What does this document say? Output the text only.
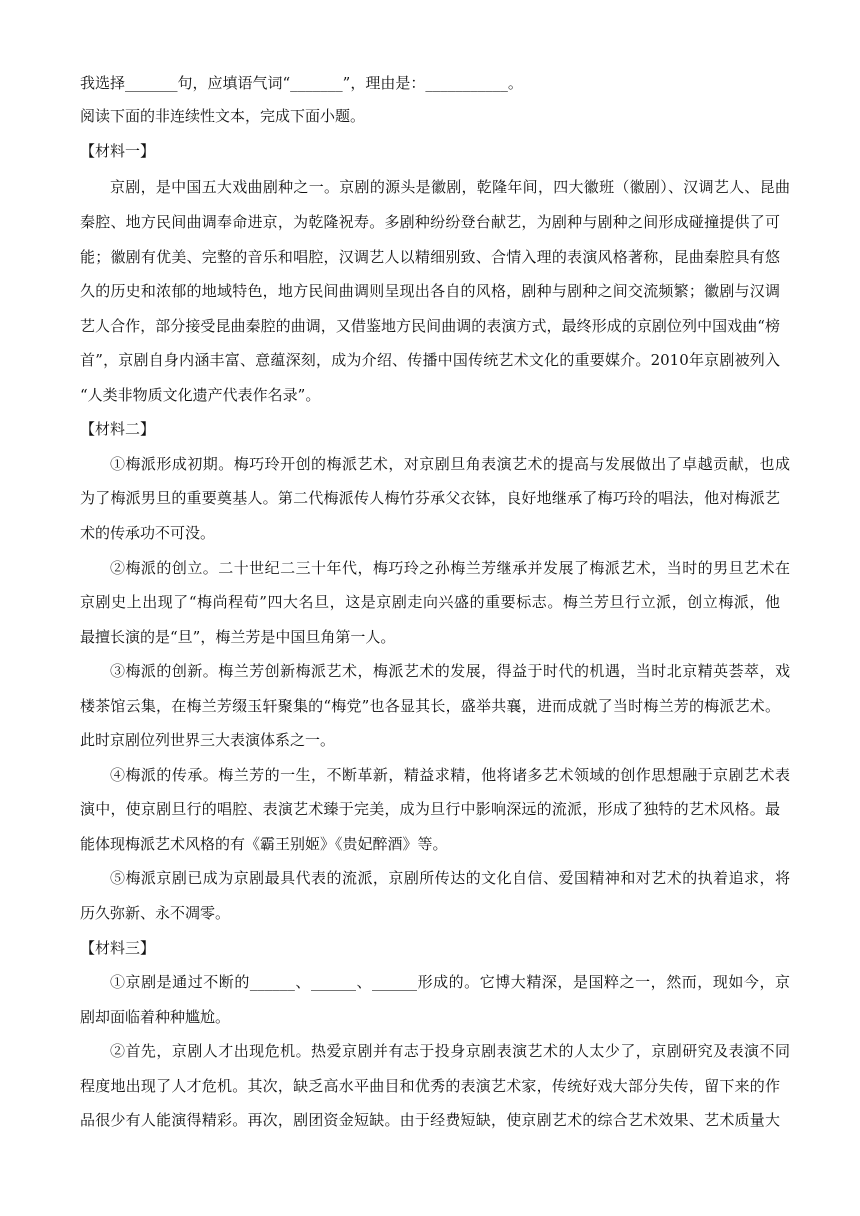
我选择_______句，应填语气词“_______”，理由是：___________。
阅读下面的非连续性文本，完成下面小题。
【材料一】
京剧，是中国五大戏曲剧种之一。京剧的源头是徽剧，乾隆年间，四大徽班（徽剧）、汉调艺人、昆曲
秦腔、地方民间曲调奉命进京，为乾隆祝寿。多剧种纷纷登台献艺，为剧种与剧种之间形成碰撞提供了可
能；徽剧有优美、完整的音乐和唱腔，汉调艺人以精细别致、合情入理的表演风格著称，昆曲秦腔具有悠
久的历史和浓郁的地域特色，地方民间曲调则呈现出各自的风格，剧种与剧种之间交流频繁；徽剧与汉调
艺人合作，部分接受昆曲秦腔的曲调，又借鉴地方民间曲调的表演方式，最终形成的京剧位列中国戏曲“榜
首”，京剧自身内涵丰富、意蕴深刻，成为介绍、传播中国传统艺术文化的重要媒介。2010年京剧被列入
“人类非物质文化遗产代表作名录”。
【材料二】
①梅派形成初期。梅巧玲开创的梅派艺术，对京剧旦角表演艺术的提高与发展做出了卓越贡献，也成
为了梅派男旦的重要奠基人。第二代梅派传人梅竹芬承父衣钵，良好地继承了梅巧玲的唱法，他对梅派艺
术的传承功不可没。
②梅派的创立。二十世纪二三十年代，梅巧玲之孙梅兰芳继承并发展了梅派艺术，当时的男旦艺术在
京剧史上出现了“梅尚程荀”四大名旦，这是京剧走向兴盛的重要标志。梅兰芳旦行立派，创立梅派，他
最擅长演的是“旦”，梅兰芳是中国旦角第一人。
③梅派的创新。梅兰芳创新梅派艺术，梅派艺术的发展，得益于时代的机遇，当时北京精英荟萃，戏
楼茶馆云集，在梅兰芳缀玉轩聚集的“梅党”也各显其长，盛举共襄，进而成就了当时梅兰芳的梅派艺术。
此时京剧位列世界三大表演体系之一。
④梅派的传承。梅兰芳的一生，不断革新，精益求精，他将诸多艺术领域的创作思想融于京剧艺术表
演中，使京剧旦行的唱腔、表演艺术臻于完美，成为旦行中影响深远的流派，形成了独特的艺术风格。最
能体现梅派艺术风格的有《霸王别姬》《贵妃醉酒》等。
⑤梅派京剧已成为京剧最具代表的流派，京剧所传达的文化自信、爱国精神和对艺术的执着追求，将
历久弥新、永不凋零。
【材料三】
①京剧是通过不断的______、______、______形成的。它博大精深，是国粹之一，然而，现如今，京
剧却面临着种种尴尬。
②首先，京剧人才出现危机。热爱京剧并有志于投身京剧表演艺术的人太少了，京剧研究及表演不同
程度地出现了人才危机。其次，缺乏高水平曲目和优秀的表演艺术家，传统好戏大部分失传，留下来的作
品很少有人能演得精彩。再次，剧团资金短缺。由于经费短缺，使京剧艺术的综合艺术效果、艺术质量大
